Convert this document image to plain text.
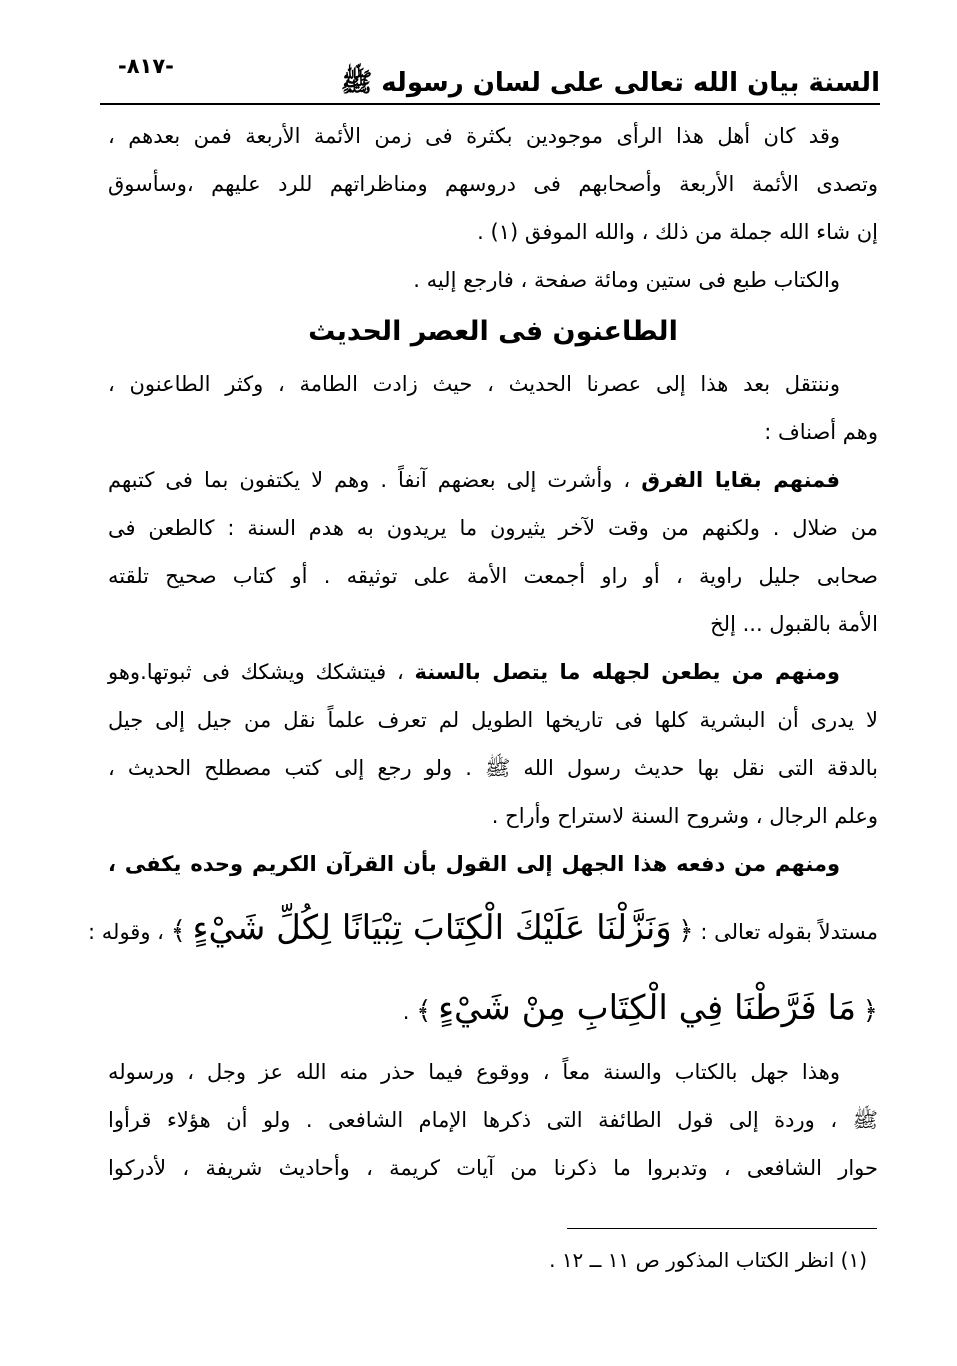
السنة بيان الله تعالى على لسان رسوله ﷺ
-٨١٧-
وقد كان أهل هذا الرأى موجودين بكثرة فى زمن الأئمة الأربعة فمن بعدهم ،
وتصدى الأئمة الأربعة وأصحابهم فى دروسهم ومناظراتهم للرد عليهم ،وسأسوق
إن شاء الله جملة من ذلك ، والله الموفق (١) .
والكتاب طبع فى ستين ومائة صفحة ، فارجع إليه .
الطاعنون فى العصر الحديث
وننتقل بعد هذا إلى عصرنا الحديث ، حيث زادت الطامة ، وكثر الطاعنون ،
وهم أصناف :
فمنهم بقايا الفرق ، وأشرت إلى بعضهم آنفاً . وهم لا يكتفون بما فى كتبهم
من ضلال . ولكنهم من وقت لآخر يثيرون ما يريدون به هدم السنة : كالطعن فى
صحابى جليل راوية ، أو راو أجمعت الأمة على توثيقه . أو كتاب صحيح تلقته
الأمة بالقبول ... إلخ
ومنهم من يطعن لجهله ما يتصل بالسنة ، فيتشكك ويشكك فى ثبوتها.وهو
لا يدرى أن البشرية كلها فى تاريخها الطويل لم تعرف علماً نقل من جيل إلى جيل
بالدقة التى نقل بها حديث رسول الله ﷺ . ولو رجع إلى كتب مصطلح الحديث ،
وعلم الرجال ، وشروح السنة لاستراح وأراح .
ومنهم من دفعه هذا الجهل إلى القول بأن القرآن الكريم وحده يكفى ،
مستدلاً بقوله تعالى : ﴿ وَنَزَّلْنَا عَلَيْكَ الْكِتَابَ تِبْيَانًا لِكُلِّ شَيْءٍ ﴾ ، وقوله :
﴿ مَا فَرَّطْنَا فِي الْكِتَابِ مِنْ شَيْءٍ ﴾ .
وهذا جهل بالكتاب والسنة معاً ، ووقوع فيما حذر منه الله عز وجل ، ورسوله
ﷺ ، وردة إلى قول الطائفة التى ذكرها الإمام الشافعى . ولو أن هؤلاء قرأوا
حوار الشافعى ، وتدبروا ما ذكرنا من آيات كريمة ، وأحاديث شريفة ، لأدركوا
(١) انظر الكتاب المذكور ص ١١ ــ ١٢ .
